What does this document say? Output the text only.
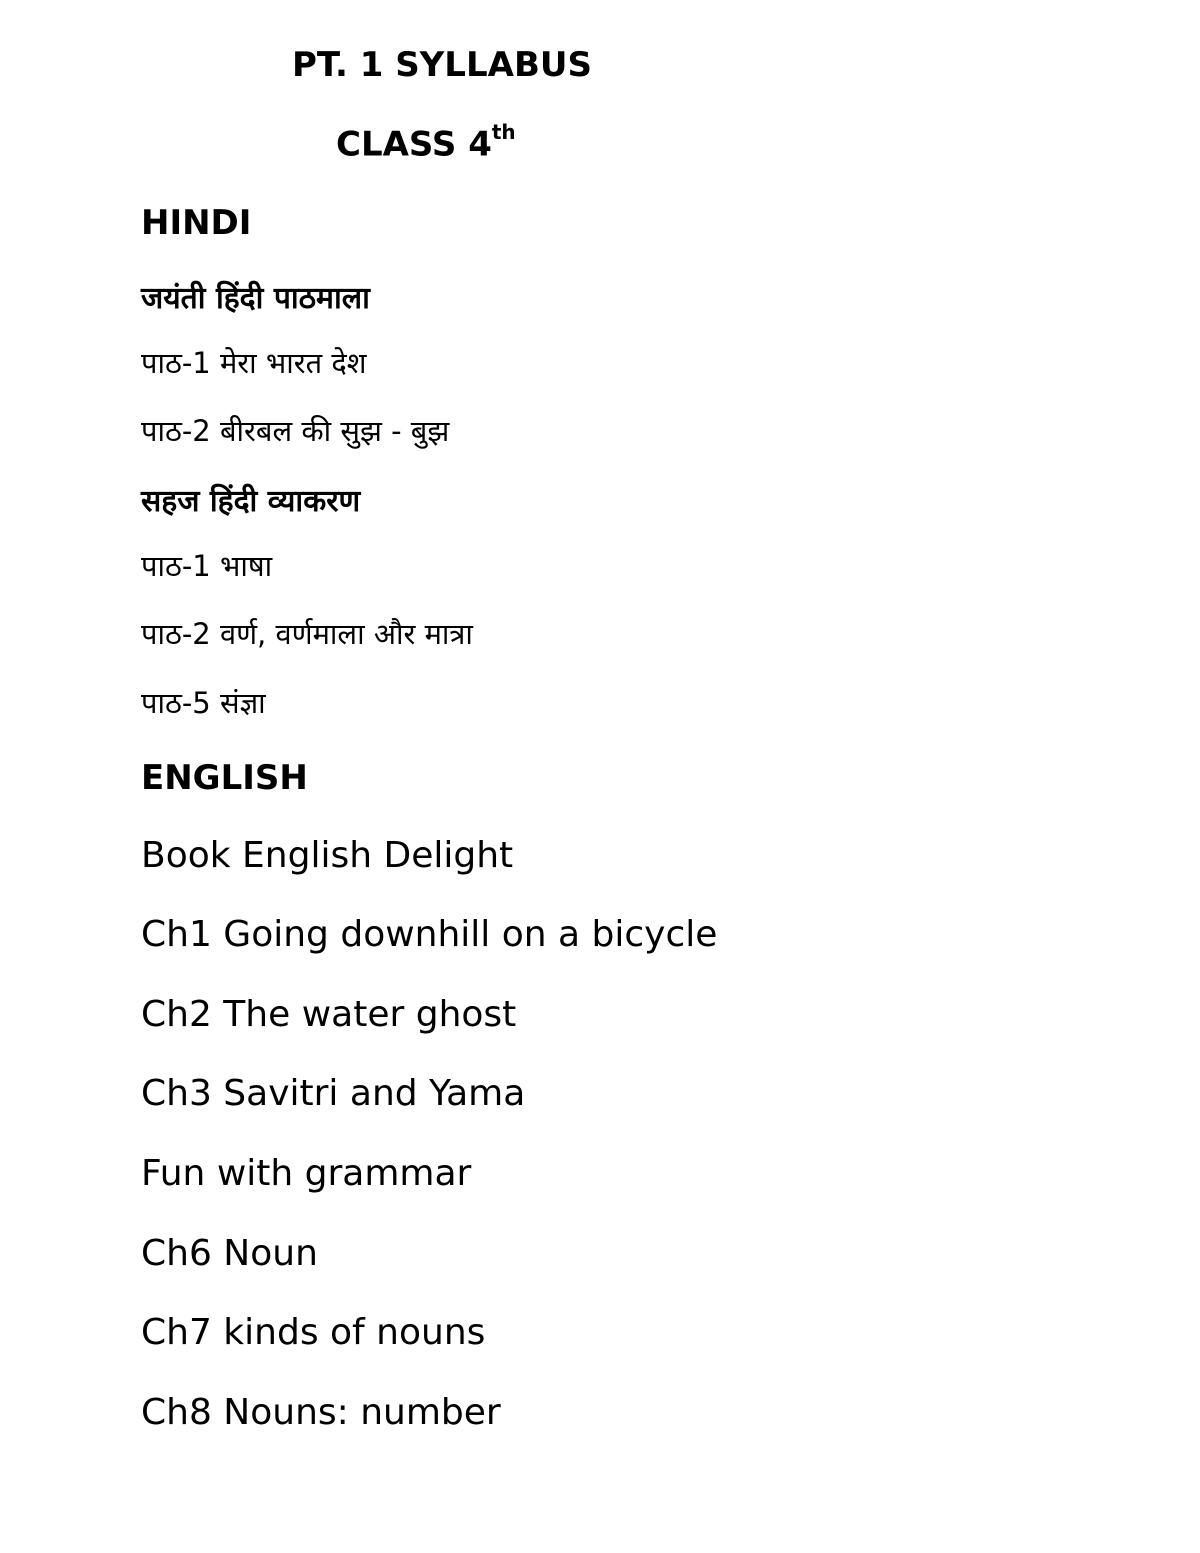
PT. 1 SYLLABUS
CLASS 4th
HINDI
जयंती हिंदी पाठमाला
पाठ-1 मेरा भारत देश
पाठ-2 बीरबल की सुझ - बुझ
सहज हिंदी व्याकरण
पाठ-1 भाषा
पाठ-2 वर्ण, वर्णमाला और मात्रा
पाठ-5 संज्ञा
ENGLISH
Book English Delight
Ch1 Going downhill on a bicycle
Ch2 The water ghost
Ch3 Savitri and Yama
Fun with grammar
Ch6 Noun
Ch7 kinds of nouns
Ch8 Nouns: number
